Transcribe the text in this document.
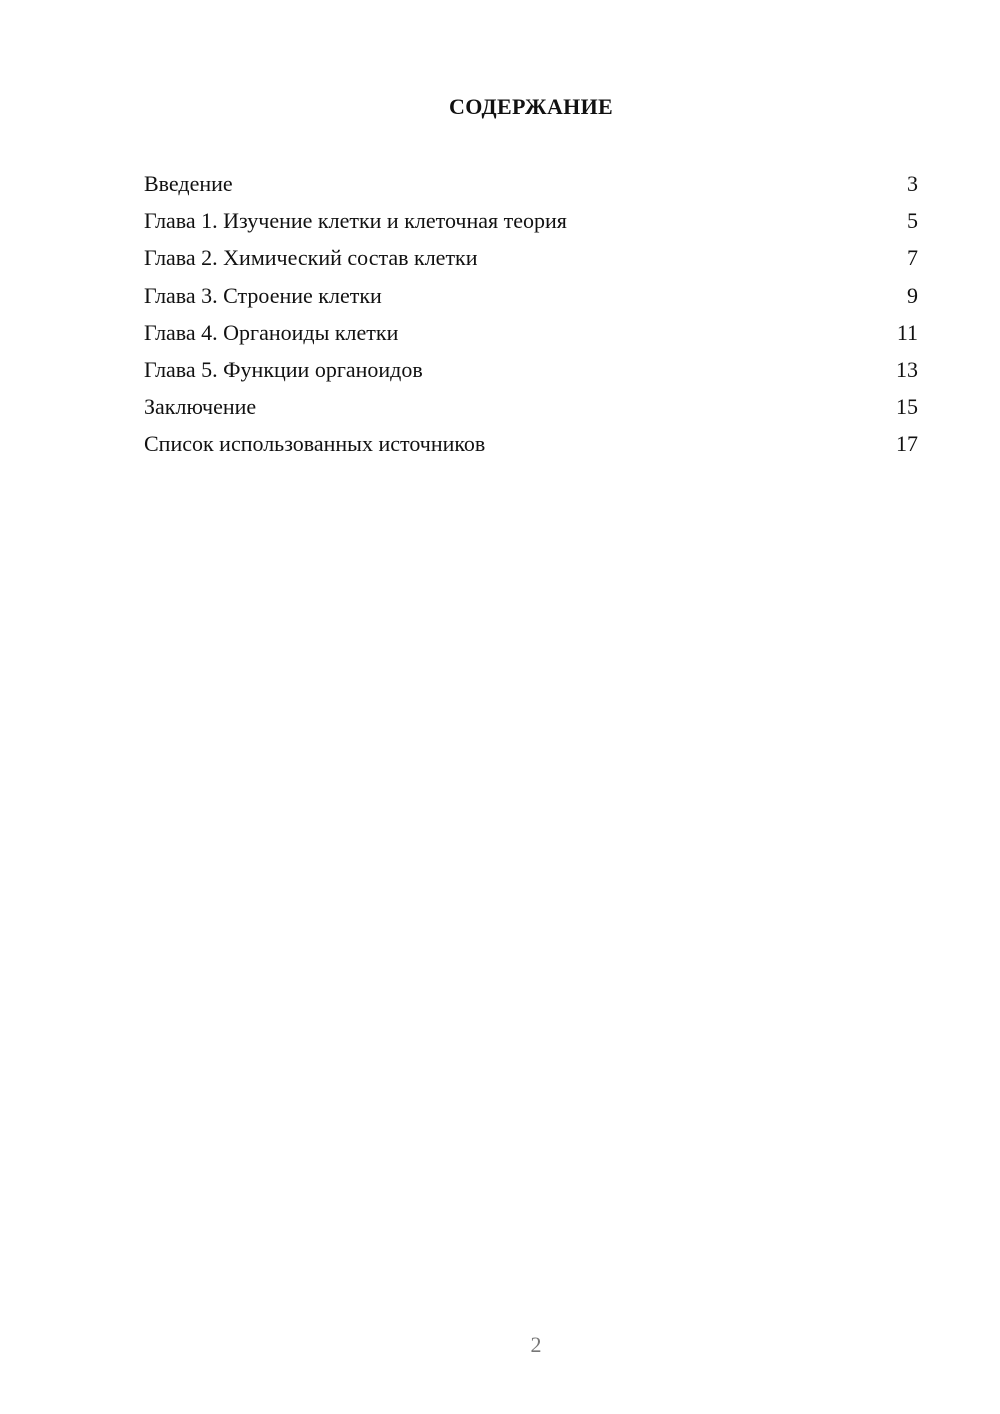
СОДЕРЖАНИЕ
Введение	3
Глава 1. Изучение клетки и клеточная теория	5
Глава 2. Химический состав клетки	7
Глава 3. Строение клетки	9
Глава 4. Органоиды клетки	11
Глава 5. Функции органоидов	13
Заключение	15
Список использованных источников	17
2
